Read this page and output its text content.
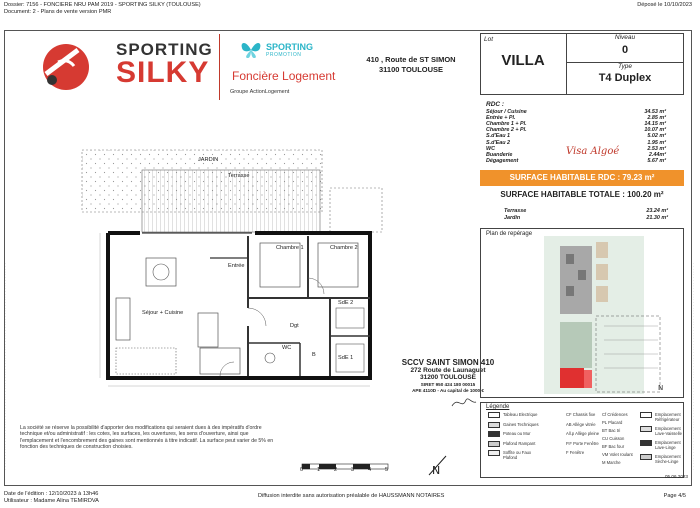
Dossier: 7156 - FONCIERE NRU PAM 2019 - SPORTING SILKY (TOULOUSE)
Document: 2 - Plans de vente version PMR
Déposé le 10/10/2023
. . . . . . . . . . . . . . . . . . . . . . . . . . . . . . . . . . . . . . . . . . . . . . . . . . . . . . . . . . . . . . . . . . . . . . . . . . .	. . . . . . . . . . . . . . . . . . . . . . . . . . . . . . . . . . . . . . . . . . . . . . . . . . . . . . . . . . . . . . . . . . . . . . . . . . .
SPORTING
SILKY
SPORTING
PROMOTION
Foncière Logement
Groupe ActionLogement
410 , Route de ST SIMON
31100 TOULOUSE
Lot
VILLA
Niveau
0
Type
T4 Duplex
RDC :
Séjour / Cuisine	34.53 m²
Entrée + Pl.	2.85 m²
Chambre 1 + Pl.	14.15 m²
Chambre 2 + Pl.	10.07 m²
S.d'Eau 1	5.02 m²
S.d'Eau 2	1.95 m²
WC	2.53 m²
Buanderie	2.44m²
Dégagement	5.67 m²
Visa Algoé
SURFACE HABITABLE RDC : 79.23 m²
SURFACE HABITABLE TOTALE : 100.20 m²
Terrasse	23.24 m²
Jardin	21.30 m²
JARDIN
Terrasse
Entrée
Séjour + Cuisine
Chambre 1	Chambre 2
Dgt
SdE 2
SdE 1
WC
B
SCCV SAINT SIMON 410
272 Route de Launaguet
31200 TOULOUSE
SIRET 950 424 180 00015
APE 4110D - Au capital de 1000 €
Plan de repérage
N
Légende
Tableau Electrique
Gaines Techniques
Poteau ou Mur
Plafond Rampant
Soffite ou Faux Plafond
CF Chassis fixe
AB Allège vitrée
All.p Allège pleine
P.F Porte Fenêtre
F Fenêtre
Cf Crédences
PL Placard
BT Bac tri
CU Cuisson
BF Bac four
VM Volet roulant
M Marche
Emplacement Réfrigérateur
Emplacement Lave-Vaisselle
Emplacement Lave-Linge
Emplacement Sèche-Linge
05.06.2023
La société se réserve la possibilité d'apporter des modifications qui seraient dues à des impératifs d'ordre technique et/ou administratif : les cotes, les surfaces, les ouvertures, les sens d'ouverture, ainsi que l'emplacement et l'encombrement des gaines sont mentionnés à titre indicatif. La surface peut varier de 5% en fonction des techniques de construction choisies.
0 1 2 3 4 5	N
Date de l'édition : 12/10/2023 à 13h46
Utilisateur : Madame Alina TEMIRDVA
Diffusion interdite sans autorisation préalable de HAUSSMANN NOTAIRES	Page 4/5
